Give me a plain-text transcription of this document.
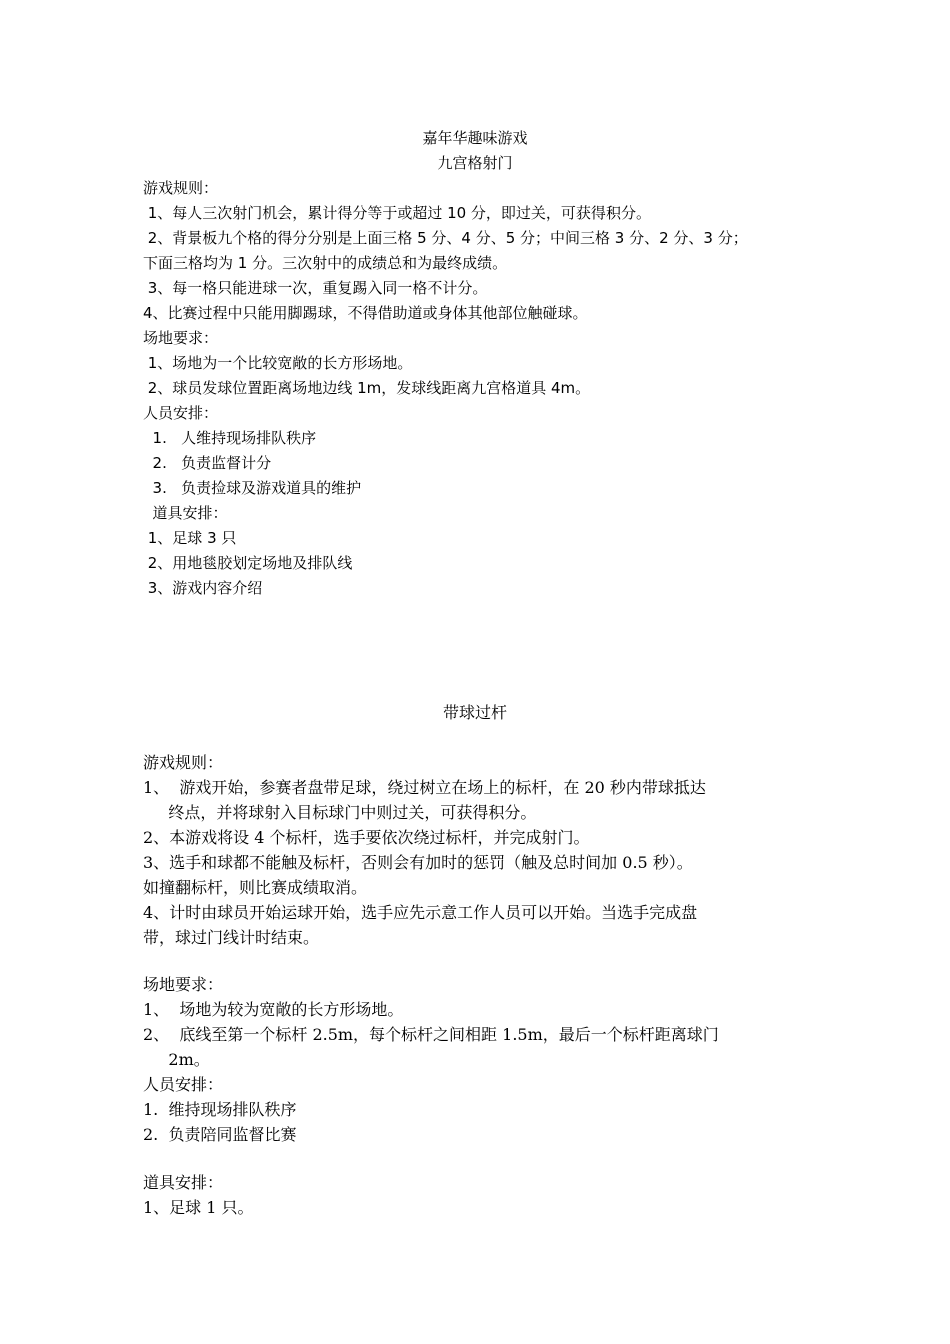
嘉年华趣味游戏
九宫格射门
游戏规则：
1、每人三次射门机会，累计得分等于或超过 10 分，即过关，可获得积分。
2、背景板九个格的得分分别是上面三格 5 分、4 分、5 分；中间三格 3 分、2 分、3 分；
下面三格均为 1 分。三次射中的成绩总和为最终成绩。
3、每一格只能进球一次，重复踢入同一格不计分。
4、比赛过程中只能用脚踢球，不得借助道或身体其他部位触碰球。
场地要求：
1、场地为一个比较宽敞的长方形场地。
2、球员发球位置距离场地边线 1m，发球线距离九宫格道具 4m。
人员安排：
1.   人维持现场排队秩序
2.   负责监督计分
3.   负责捡球及游戏道具的维护
道具安排：
1、足球 3 只
2、用地毯胶划定场地及排队线
3、游戏内容介绍
带球过杆
游戏规则：
1、  游戏开始，参赛者盘带足球，绕过树立在场上的标杆，在 20 秒内带球抵达
终点，并将球射入目标球门中则过关，可获得积分。
2、本游戏将设 4 个标杆，选手要依次绕过标杆，并完成射门。
3、选手和球都不能触及标杆，否则会有加时的惩罚（触及总时间加 0.5 秒）。
如撞翻标杆，则比赛成绩取消。
4、计时由球员开始运球开始，选手应先示意工作人员可以开始。当选手完成盘
带，球过门线计时结束。
场地要求：
1、  场地为较为宽敞的长方形场地。
2、  底线至第一个标杆 2.5m，每个标杆之间相距 1.5m，最后一个标杆距离球门
2m。
人员安排：
1.  维持现场排队秩序
2.  负责陪同监督比赛
道具安排：
1、足球 1 只。
